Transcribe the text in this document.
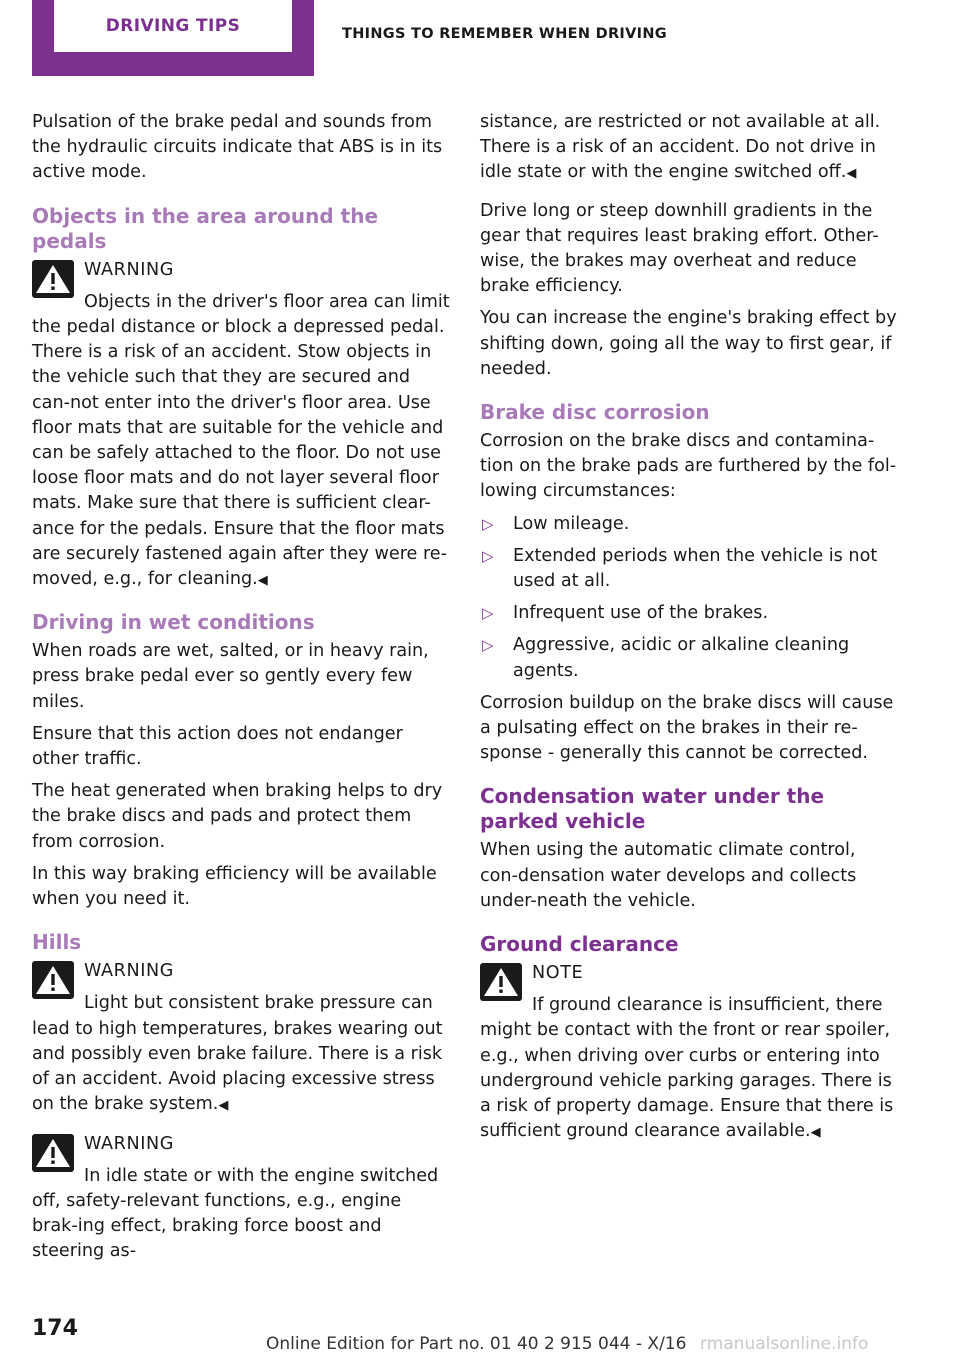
DRIVING TIPS	THINGS TO REMEMBER WHEN DRIVING

Pulsation of the brake pedal and sounds from the hydraulic circuits indicate that ABS is in its active mode.

Objects in the area around the pedals
WARNING
Objects in the driver's floor area can limit the pedal distance or block a depressed pedal. There is a risk of an accident. Stow objects in the vehicle such that they are secured and can-not enter into the driver's floor area. Use floor mats that are suitable for the vehicle and can be safely attached to the floor. Do not use loose floor mats and do not layer several floor mats. Make sure that there is sufficient clear-ance for the pedals. Ensure that the floor mats are securely fastened again after they were re-moved, e.g., for cleaning.◀
Driving in wet conditions

When roads are wet, salted, or in heavy rain, press brake pedal ever so gently every few miles.

Ensure that this action does not endanger other traffic.

The heat generated when braking helps to dry the brake discs and pads and protect them from corrosion.

In this way braking efficiency will be available when you need it.

Hills
WARNING
Light but consistent brake pressure can lead to high temperatures, brakes wearing out and possibly even brake failure. There is a risk of an accident. Avoid placing excessive stress on the brake system.◀
WARNING
In idle state or with the engine switched off, safety-relevant functions, e.g., engine brak-ing effect, braking force boost and steering as-

sistance, are restricted or not available at all. There is a risk of an accident. Do not drive in idle state or with the engine switched off.◀

Drive long or steep downhill gradients in the gear that requires least braking effort. Other-wise, the brakes may overheat and reduce brake efficiency.

You can increase the engine's braking effect by shifting down, going all the way to first gear, if needed.

Brake disc corrosion

Corrosion on the brake discs and contamina-tion on the brake pads are furthered by the fol-lowing circumstances:

▷ Low mileage.
▷ Extended periods when the vehicle is not used at all.
▷ Infrequent use of the brakes.
▷ Aggressive, acidic or alkaline cleaning agents.

Corrosion buildup on the brake discs will cause a pulsating effect on the brakes in their re-sponse - generally this cannot be corrected.

Condensation water under the parked vehicle

When using the automatic climate control, con-densation water develops and collects under-neath the vehicle.

Ground clearance
NOTE
If ground clearance is insufficient, there might be contact with the front or rear spoiler, e.g., when driving over curbs or entering into underground vehicle parking garages. There is a risk of property damage. Ensure that there is sufficient ground clearance available.◀
174
Online Edition for Part no. 01 40 2 915 044 - X/16 rmanualsonline.info
